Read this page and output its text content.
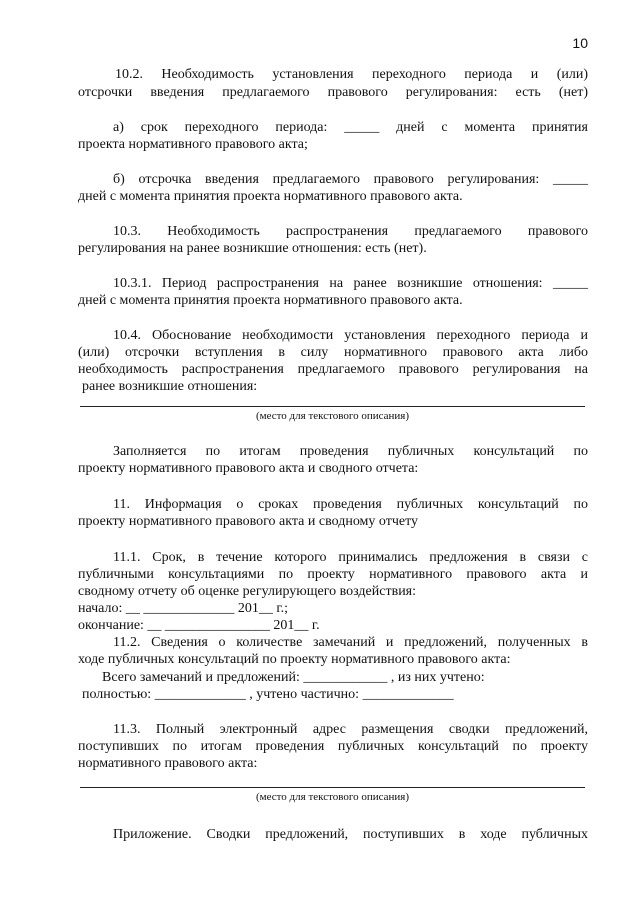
10
10.2. Необходимость установления переходного периода и (или)
отсрочки введения предлагаемого правового регулирования: есть (нет)
а) срок переходного периода: _____ дней с момента принятия
проекта нормативного правового акта;
б) отсрочка введения предлагаемого правового регулирования: _____
дней с момента принятия проекта нормативного правового акта.
10.3. Необходимость распространения предлагаемого правового
регулирования на ранее возникшие отношения: есть (нет).
10.3.1. Период распространения на ранее возникшие отношения: _____
дней с момента принятия проекта нормативного правового акта.
10.4. Обоснование необходимости установления переходного периода и
(или) отсрочки вступления в силу нормативного правового акта либо
необходимость распространения предлагаемого правового регулирования на
ранее возникшие отношения:
(место для текстового описания)
Заполняется по итогам проведения публичных консультаций по
проекту нормативного правового акта и сводного отчета:
11. Информация о сроках проведения публичных консультаций по
проекту нормативного правового акта и сводному отчету
11.1. Срок, в течение которого принимались предложения в связи с
публичными консультациями по проекту нормативного правового акта и
сводному отчету об оценке регулирующего воздействия:
начало: __ _____________ 201__ г.;
окончание: __ _______________ 201__ г.
11.2. Сведения о количестве замечаний и предложений, полученных в
ходе публичных консультаций по проекту нормативного правового акта:
Всего замечаний и предложений: ____________ , из них учтено:
полностью: _____________ , учтено частично: _____________
11.3. Полный электронный адрес размещения сводки предложений,
поступивших по итогам проведения публичных консультаций по проекту
нормативного правового акта:
(место для текстового описания)
Приложение. Сводки предложений, поступивших в ходе публичных
